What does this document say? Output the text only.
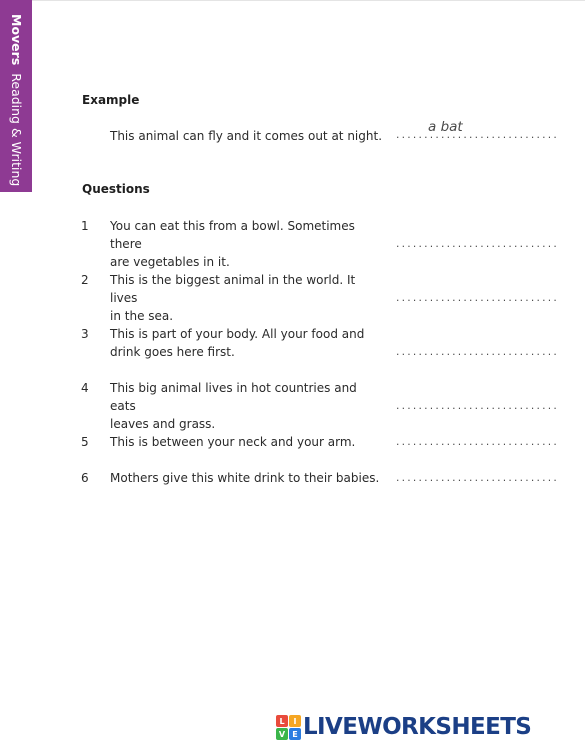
Movers Reading & Writing	Example
This animal can fly and it comes out at night.
a bat
.............................
Questions
1 You can eat this from a bowl. Sometimes there
are vegetables in it.
.............................
2 This is the biggest animal in the world. It lives
in the sea.
.............................
3 This is part of your body. All your food and
drink goes here first.	.............................
4 This big animal lives in hot countries and eats
leaves and grass.
.............................
5 This is between your neck and your arm.	.............................
6 Mothers give this white drink to their babies.	.............................
L	I
V E LIVEWORKSHEETS
